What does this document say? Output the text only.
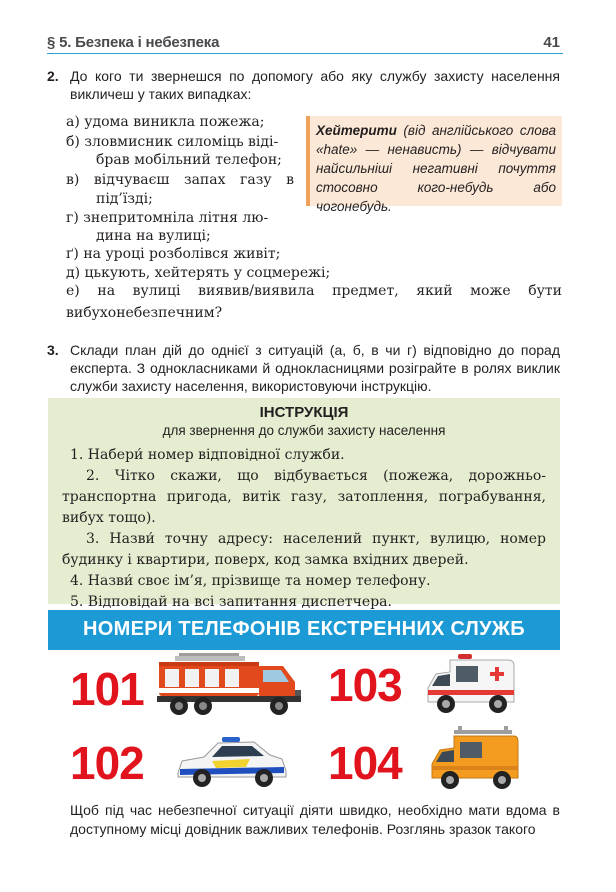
§ 5. Безпека і небезпека	41
2. До кого ти звернешся по допомогу або яку службу захисту населення викличеш у таких випадках:
а) удома виникла пожежа;
б) зловмисник силоміць віді-
брав мобільний телефон;
в) відчуваєш запах газу в
під’їзді;
г) знепритомніла літня лю-
дина на вулиці;
ґ) на уроці розболівся живіт;
д) цькують, хейтерять у соцмережі;
е) на вулиці виявив/виявила предмет, який може бути
вибухонебезпечним?
Хейтерити (від англійського слова «hate» — ненависть) — відчувати найсильніші негативні почуття стосовно кого-небудь або чогонебудь.
3. Склади план дій до однієї з ситуацій (а, б, в чи г) відповідно до порад експерта. З однокласниками й однокласницями розіграйте в ролях виклик служби захисту населення, використовуючи інструкцію.
ІНСТРУКЦІЯ
для звернення до служби захисту населення
1. Набери́ номер відповідної служби.
2. Чітко скажи, що відбувається (пожежа, дорожньо-транспортна пригода, витік газу, затоплення, пограбування, вибух тощо).
3. Назви́ точну адресу: населений пункт, вулицю, номер будинку і квартири, поверх, код замка вхідних дверей.
4. Назви́ своє ім’я, прізвище та номер телефону.
5. Відповідай на всі запитання диспетчера.
НОМЕРИ ТЕЛЕФОНІВ ЕКСТРЕННИХ СЛУЖБ
101
102
103
104
Щоб під час небезпечної ситуації діяти швидко, необхідно мати вдома в доступному місці довідник важливих телефонів. Розглянь зразок такого
